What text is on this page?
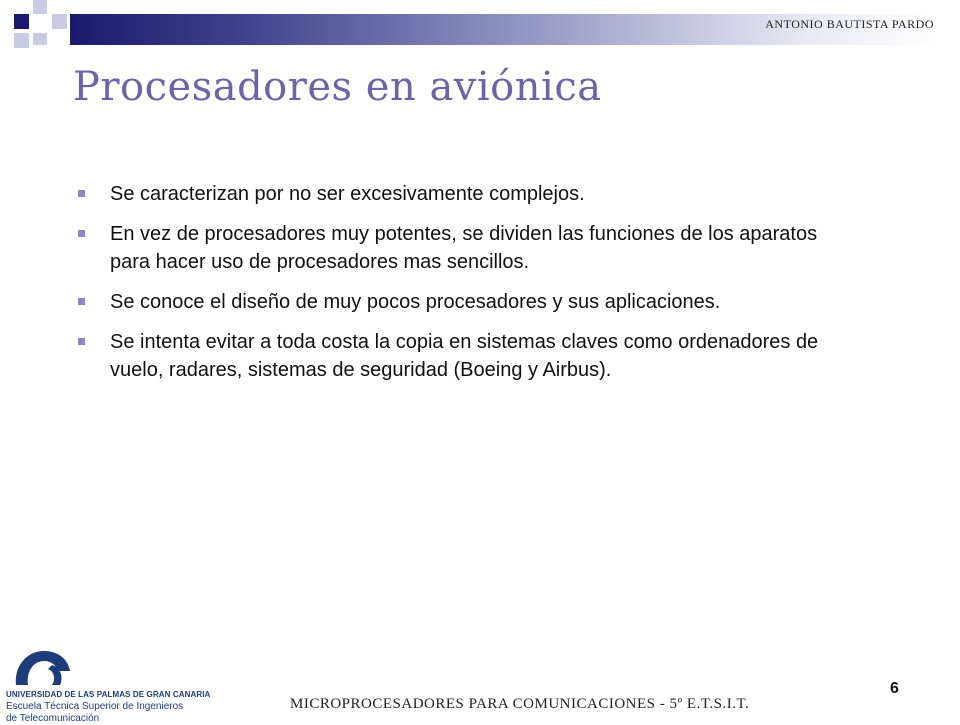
ANTONIO BAUTISTA PARDO
Procesadores en aviónica
Se caracterizan por no ser excesivamente complejos.
En vez de procesadores muy potentes, se dividen las funciones de los aparatos para hacer uso de procesadores mas sencillos.
Se conoce el diseño de muy pocos procesadores y sus aplicaciones.
Se intenta evitar a toda costa la copia en sistemas claves como ordenadores de vuelo, radares, sistemas de seguridad (Boeing y Airbus).
UNIVERSIDAD DE LAS PALMAS DE GRAN CANARIA
Escuela Técnica Superior de Ingenieros
de Telecomunicación
MICROPROCESADORES PARA COMUNICACIONES - 5º E.T.S.I.T.
6
